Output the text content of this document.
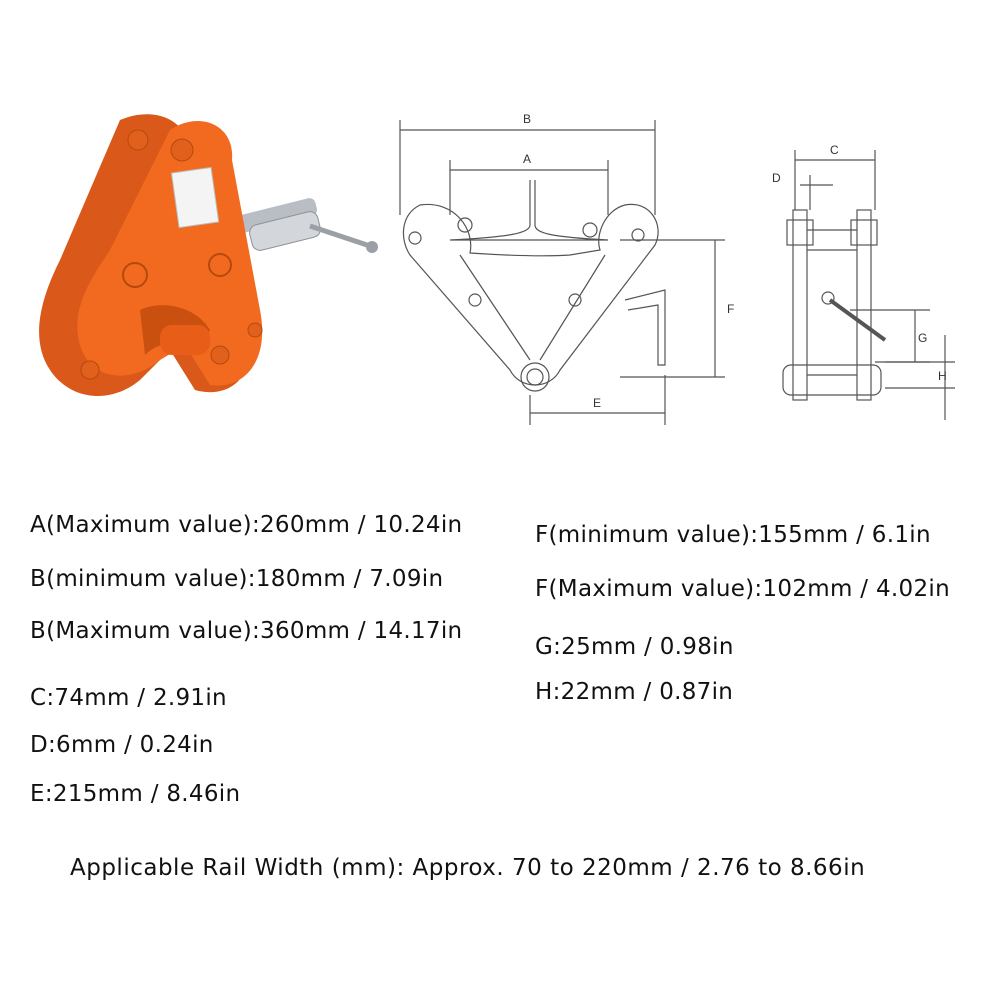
B
A
F
E
C
D
G
H
A(Maximum value):260mm / 10.24in
B(minimum value):180mm / 7.09in
B(Maximum value):360mm / 14.17in
C:74mm / 2.91in
D:6mm / 0.24in
E:215mm / 8.46in
F(minimum value):155mm / 6.1in
F(Maximum value):102mm / 4.02in
G:25mm / 0.98in
H:22mm / 0.87in
Applicable Rail Width (mm): Approx. 70 to 220mm / 2.76 to 8.66in
